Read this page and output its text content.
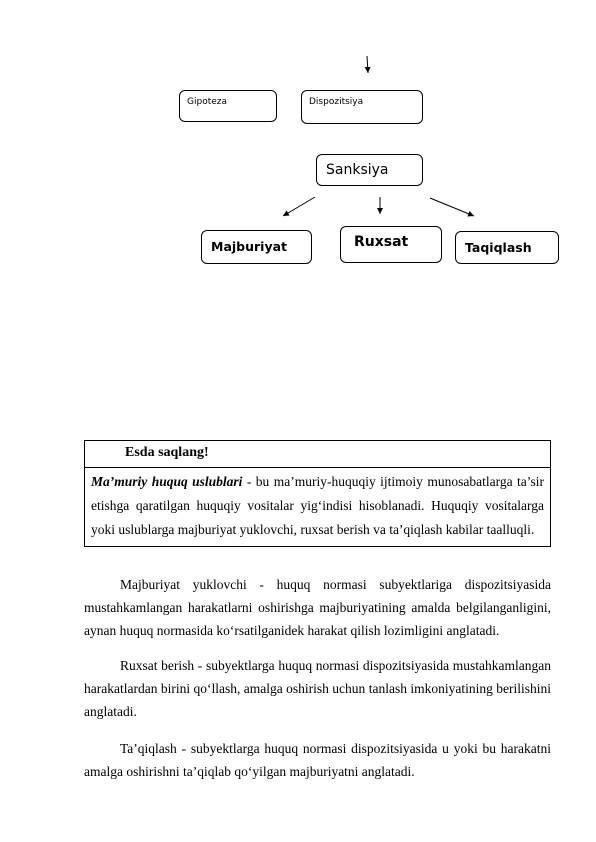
Gipoteza	Dispozitsiya
Sanksiya
Majburiyat	Ruxsat	Taqiqlash
Esda saqlang!
Ma’muriy huquq uslublari - bu ma’muriy-huquqiy ijtimoiy munosabatlarga ta’sir etishga qaratilgan huquqiy vositalar yig‘indisi hisoblanadi. Huquqiy vositalarga yoki uslublarga majburiyat yuklovchi, ruxsat berish va ta’qiqlash kabilar taalluqli.

Majburiyat yuklovchi - huquq normasi subyektlariga dispozitsiyasida mustahkamlangan harakatlarni oshirishga majburiyatining amalda belgilanganligini, aynan huquq normasida ko‘rsatilganidek harakat qilish lozimligini anglatadi.

Ruxsat berish - subyektlarga huquq normasi dispozitsiyasida mustahkamlangan harakatlardan birini qo‘llash, amalga oshirish uchun tanlash imkoniyatining berilishini anglatadi.

Ta’qiqlash - subyektlarga huquq normasi dispozitsiyasida u yoki bu harakatni amalga oshirishni ta’qiqlab qo‘yilgan majburiyatni anglatadi.
